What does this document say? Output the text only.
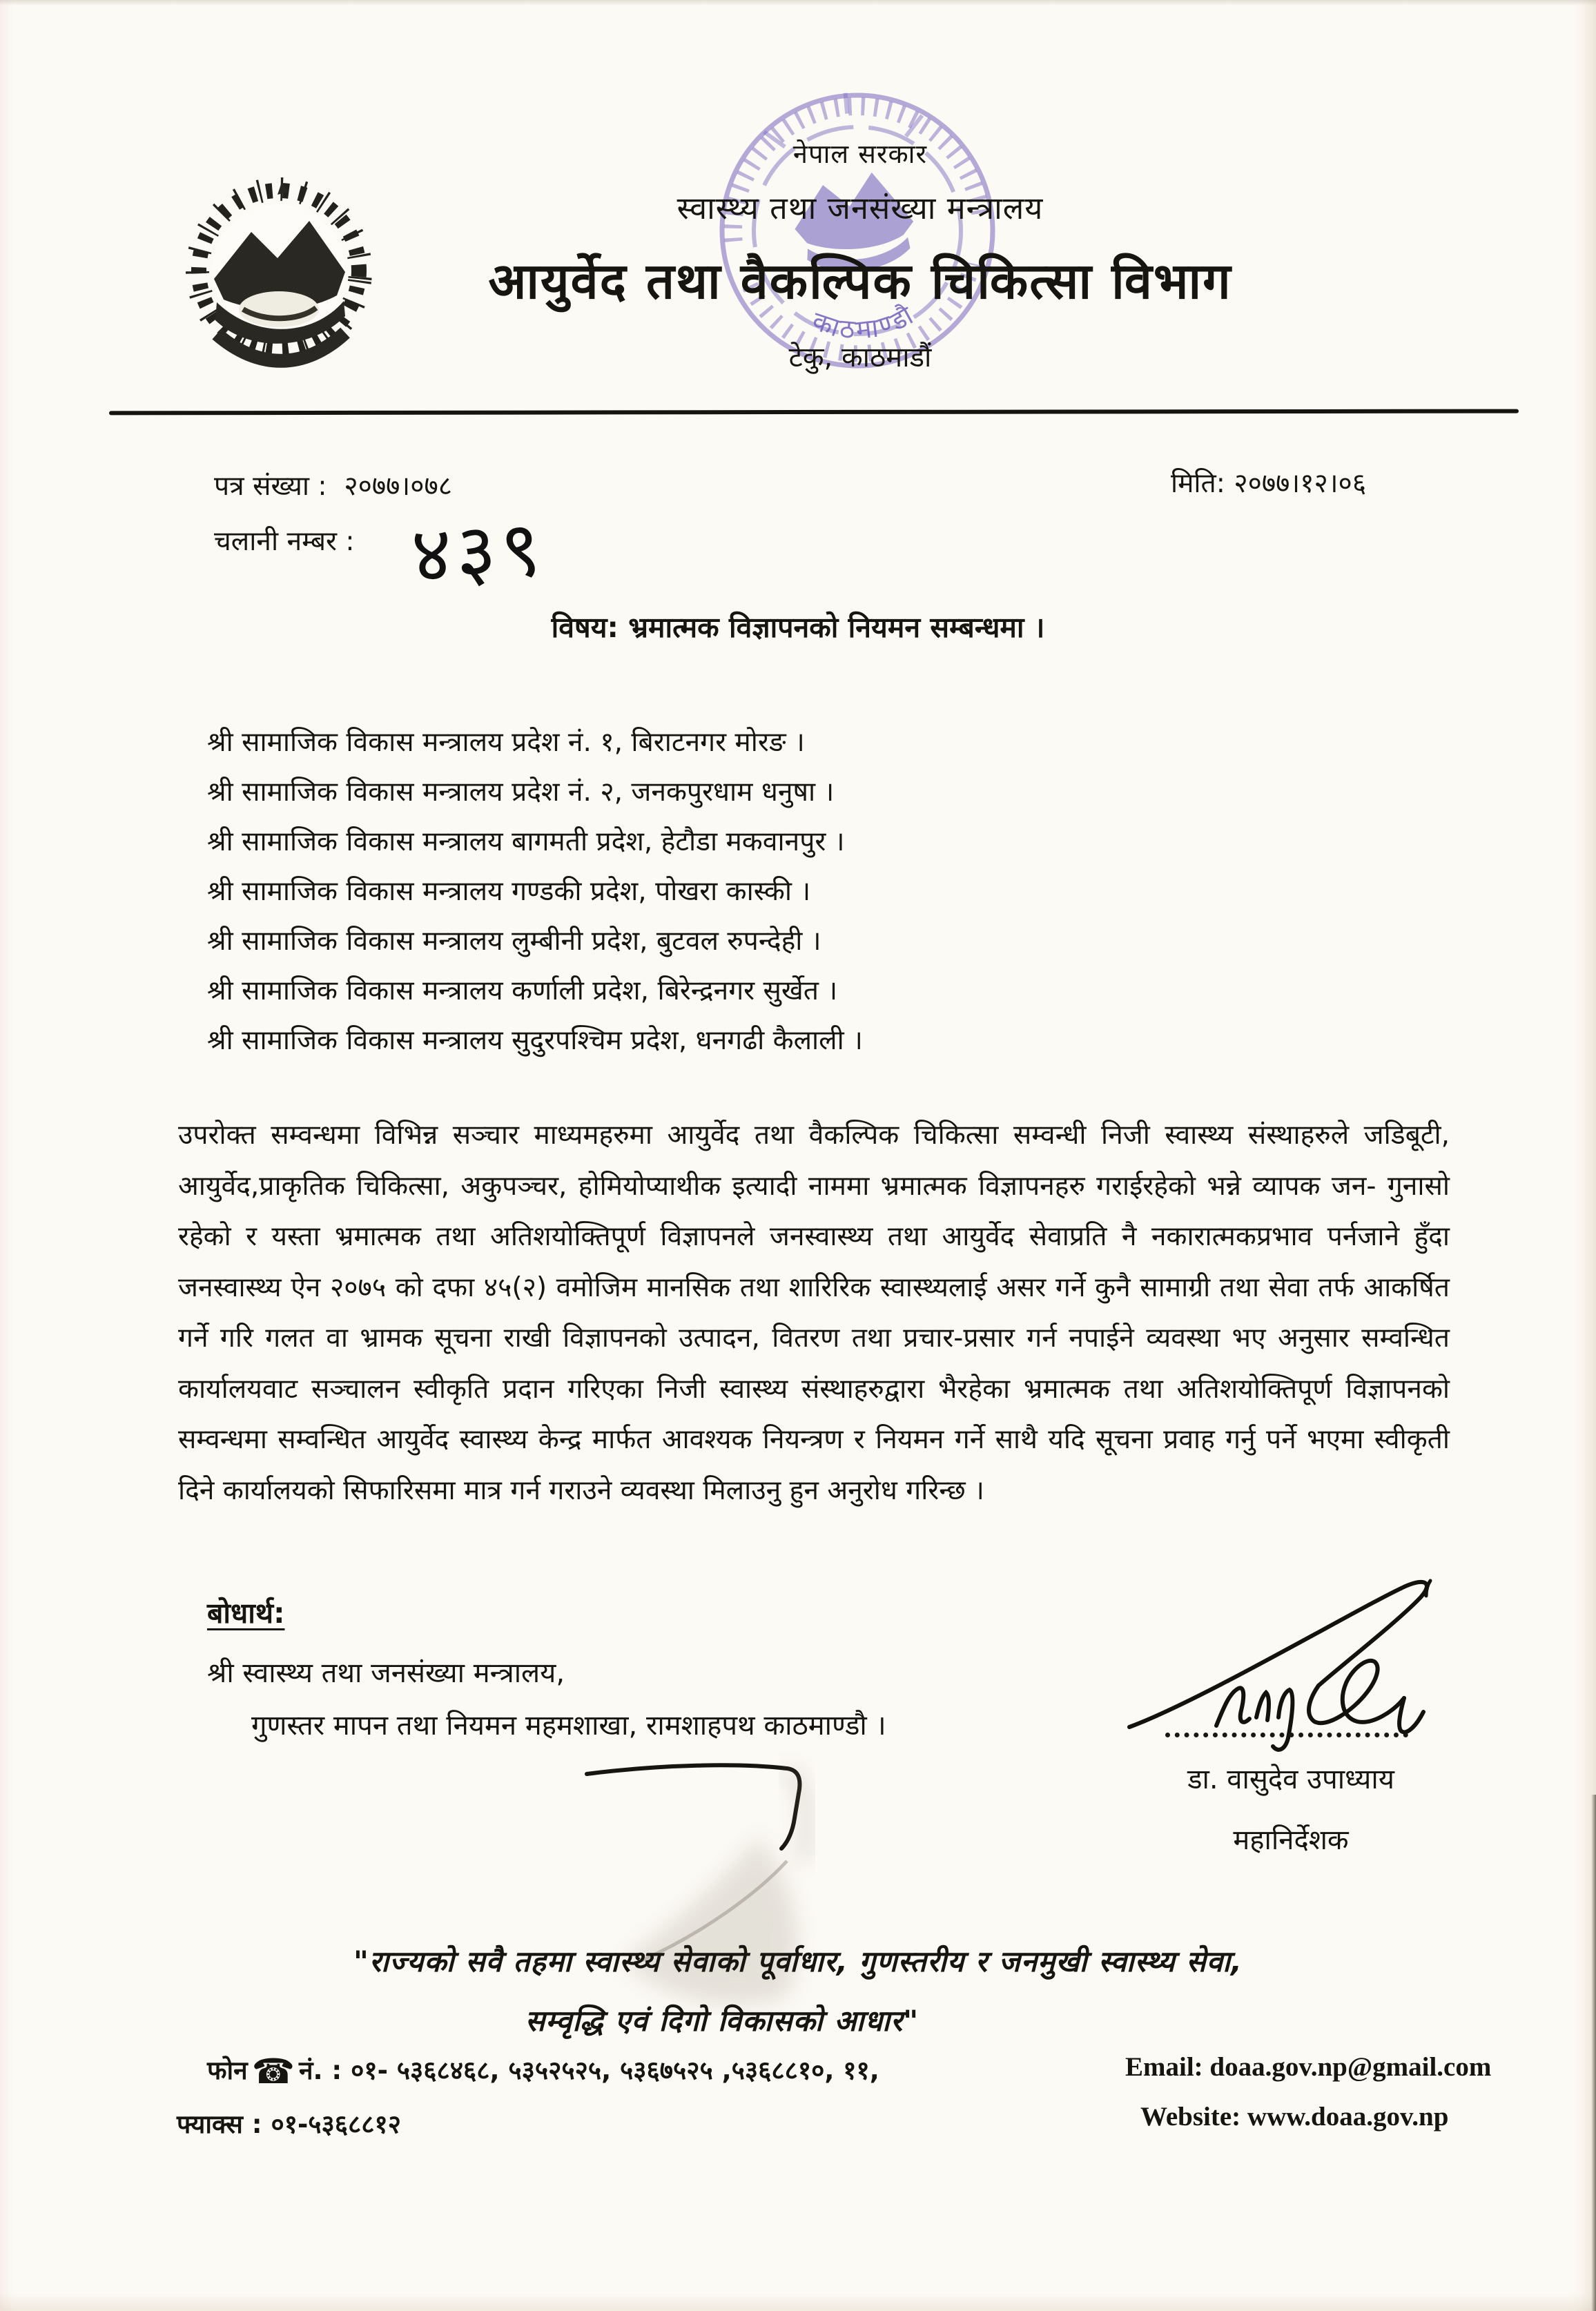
काठमाण्डौ
नेपाल सरकार
स्वास्थ्य तथा जनसंख्या मन्त्रालय
आयुर्वेद तथा वैकल्पिक चिकित्सा विभाग
टेकु, काठमाडौं
पत्र संख्या : २०७७।०७८	मिति: २०७७।१२।०६
चलानी नम्बर : ४३९
विषय: भ्रमात्मक विज्ञापनको नियमन सम्बन्धमा ।
श्री सामाजिक विकास मन्त्रालय प्रदेश नं. १, बिराटनगर मोरङ ।
श्री सामाजिक विकास मन्त्रालय प्रदेश नं. २, जनकपुरधाम धनुषा ।
श्री सामाजिक विकास मन्त्रालय बागमती प्रदेश, हेटौडा मकवानपुर ।
श्री सामाजिक विकास मन्त्रालय गण्डकी प्रदेश, पोखरा कास्की ।
श्री सामाजिक विकास मन्त्रालय लुम्बीनी प्रदेश, बुटवल रुपन्देही ।
श्री सामाजिक विकास मन्त्रालय कर्णाली प्रदेश, बिरेन्द्रनगर सुर्खेत ।
श्री सामाजिक विकास मन्त्रालय सुदुरपश्चिम प्रदेश, धनगढी कैलाली ।
उपरोक्त सम्वन्धमा विभिन्न सञ्चार माध्यमहरुमा आयुर्वेद तथा वैकल्पिक चिकित्सा सम्वन्धी निजी स्वास्थ्य संस्थाहरुले जडिबूटी, आयुर्वेद,प्राकृतिक चिकित्सा, अकुपञ्चर, होमियोप्याथीक इत्यादी नाममा भ्रमात्मक विज्ञापनहरु गराईरहेको भन्ने व्यापक जन- गुनासो रहेको र यस्ता भ्रमात्मक तथा अतिशयोक्तिपूर्ण विज्ञापनले जनस्वास्थ्य तथा आयुर्वेद सेवाप्रति नै नकारात्मकप्रभाव पर्नजाने हुँदा जनस्वास्थ्य ऐन २०७५ को दफा ४५(२) वमोजिम मानसिक तथा शारिरिक स्वास्थ्यलाई असर गर्ने कुनै सामाग्री तथा सेवा तर्फ आकर्षित गर्ने गरि गलत वा भ्रामक सूचना राखी विज्ञापनको उत्पादन, वितरण तथा प्रचार-प्रसार गर्न नपाईने व्यवस्था भए अनुसार सम्वन्धित कार्यालयवाट सञ्चालन स्वीकृति प्रदान गरिएका निजी स्वास्थ्य संस्थाहरुद्वारा भैरहेका भ्रमात्मक तथा अतिशयोक्तिपूर्ण विज्ञापनको सम्वन्धमा सम्वन्धित आयुर्वेद स्वास्थ्य केन्द्र मार्फत आवश्यक नियन्त्रण र नियमन गर्ने साथै यदि सूचना प्रवाह गर्नु पर्ने भएमा स्वीकृती दिने कार्यालयको सिफारिसमा मात्र गर्न गराउने व्यवस्था मिलाउनु हुन अनुरोध गरिन्छ ।
बोधार्थ:
श्री स्वास्थ्य तथा जनसंख्या मन्त्रालय,
गुणस्तर मापन तथा नियमन महमशाखा, रामशाहपथ काठमाण्डौ ।
डा. वासुदेव उपाध्याय
महानिर्देशक
"राज्यको सवै तहमा स्वास्थ्य सेवाको पूर्वाधार, गुणस्तरीय र जनमुखी स्वास्थ्य सेवा,
सम्वृद्धि एवं दिगो विकासको आधार"
फोन ☎ नं. : ०१- ५३६८४६८, ५३५२५२५, ५३६७५२५ ,५३६८८१०, ११,
फ्याक्स : ०१-५३६८८१२
Email: doaa.gov.np@gmail.com
Website: www.doaa.gov.np
